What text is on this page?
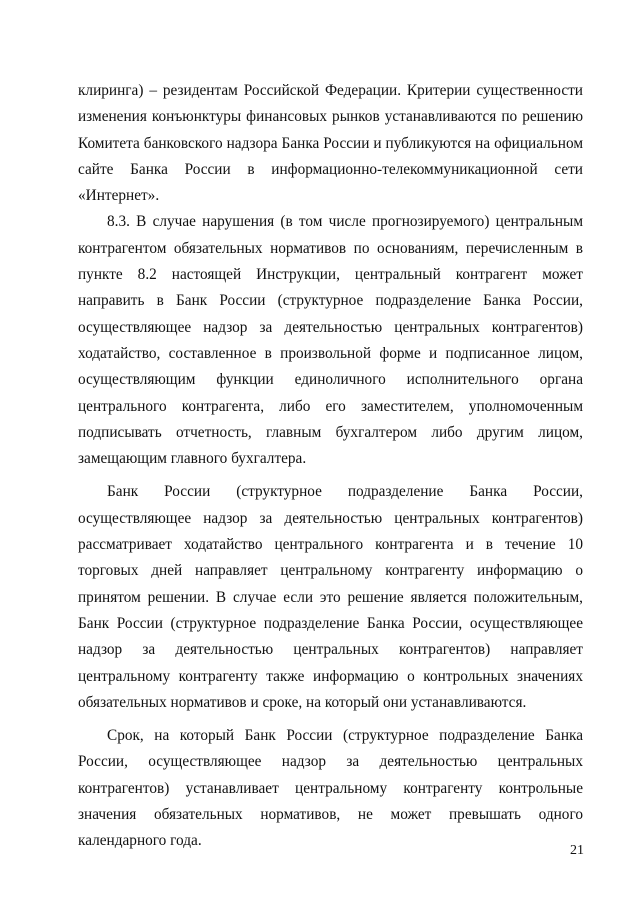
клиринга) – резидентам Российской Федерации. Критерии существенности изменения конъюнктуры финансовых рынков устанавливаются по решению Комитета банковского надзора Банка России и публикуются на официальном сайте Банка России в информационно-телекоммуникационной сети «Интернет».

8.3. В случае нарушения (в том числе прогнозируемого) центральным контрагентом обязательных нормативов по основаниям, перечисленным в пункте 8.2 настоящей Инструкции, центральный контрагент может направить в Банк России (структурное подразделение Банка России, осуществляющее надзор за деятельностью центральных контрагентов) ходатайство, составленное в произвольной форме и подписанное лицом, осуществляющим функции единоличного исполнительного органа центрального контрагента, либо его заместителем, уполномоченным подписывать отчетность, главным бухгалтером либо другим лицом, замещающим главного бухгалтера.

Банк России (структурное подразделение Банка России, осуществляющее надзор за деятельностью центральных контрагентов) рассматривает ходатайство центрального контрагента и в течение 10 торговых дней направляет центральному контрагенту информацию о принятом решении. В случае если это решение является положительным, Банк России (структурное подразделение Банка России, осуществляющее надзор за деятельностью центральных контрагентов) направляет центральному контрагенту также информацию о контрольных значениях обязательных нормативов и сроке, на который они устанавливаются.

Срок, на который Банк России (структурное подразделение Банка России, осуществляющее надзор за деятельностью центральных контрагентов) устанавливает центральному контрагенту контрольные значения обязательных нормативов, не может превышать одного календарного года.

21
